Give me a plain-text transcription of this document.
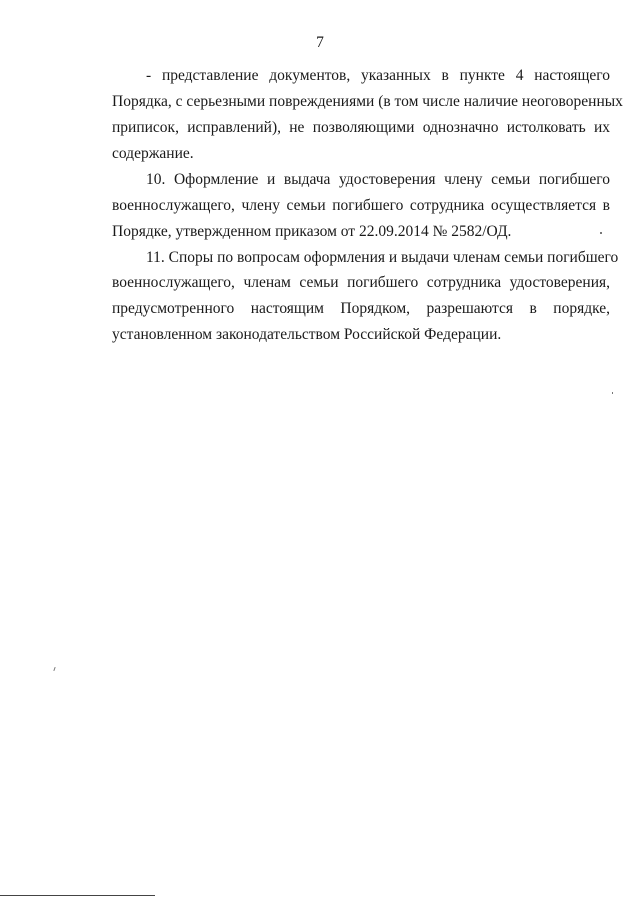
7
- представление документов, указанных в пункте 4 настоящего
Порядка, с серьезными повреждениями (в том числе наличие неоговоренных
приписок, исправлений), не позволяющими однозначно истолковать их
содержание.
10. Оформление и выдача удостоверения члену семьи погибшего
военнослужащего, члену семьи погибшего сотрудника осуществляется в
Порядке, утвержденном приказом от 22.09.2014 № 2582/ОД.
11. Споры по вопросам оформления и выдачи членам семьи погибшего
военнослужащего, членам семьи погибшего сотрудника удостоверения,
предусмотренного настоящим Порядком, разрешаются в порядке,
установленном законодательством Российской Федерации.
